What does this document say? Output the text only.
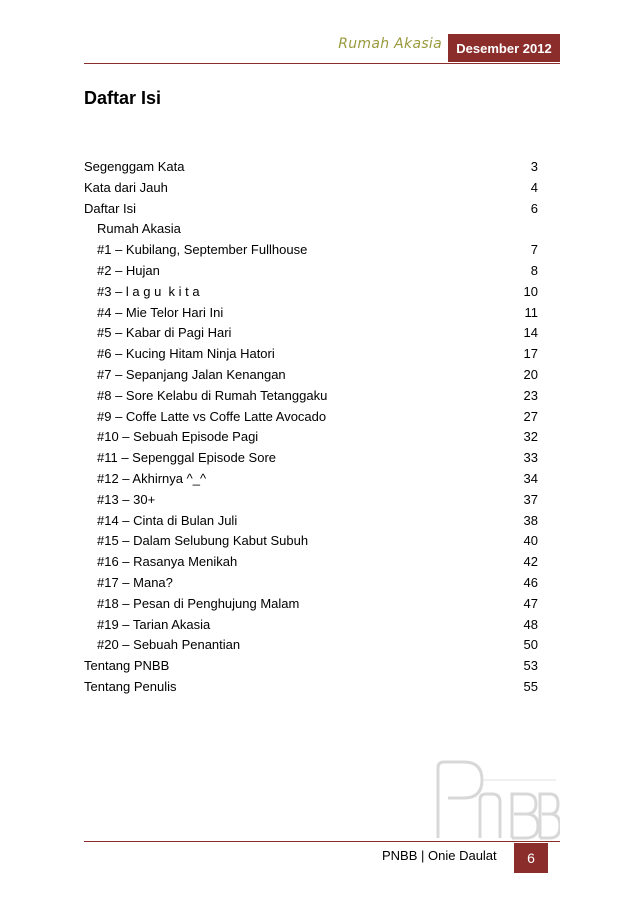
Rumah Akasia	Desember 2012
Daftar Isi
Segenggam Kata	3
Kata dari Jauh	4
Daftar Isi	6
Rumah Akasia
#1 – Kubilang, September Fullhouse	7
#2 – Hujan	8
#3 – l a g u  k i t a	10
#4 – Mie Telor Hari Ini	11
#5 – Kabar di Pagi Hari	14
#6 – Kucing Hitam Ninja Hatori	17
#7 – Sepanjang Jalan Kenangan	20
#8 – Sore Kelabu di Rumah Tetanggaku	23
#9 – Coffe Latte vs Coffe Latte Avocado	27
#10 – Sebuah Episode Pagi	32
#11 – Sepenggal Episode Sore	33
#12 – Akhirnya ^_^	34
#13 – 30+	37
#14 – Cinta di Bulan Juli	38
#15 – Dalam Selubung Kabut Subuh	40
#16 – Rasanya Menikah	42
#17 – Mana?	46
#18 – Pesan di Penghujung Malam	47
#19 – Tarian Akasia	48
#20 – Sebuah Penantian	50
Tentang PNBB	53
Tentang Penulis	55
PNBB | Onie Daulat	6
